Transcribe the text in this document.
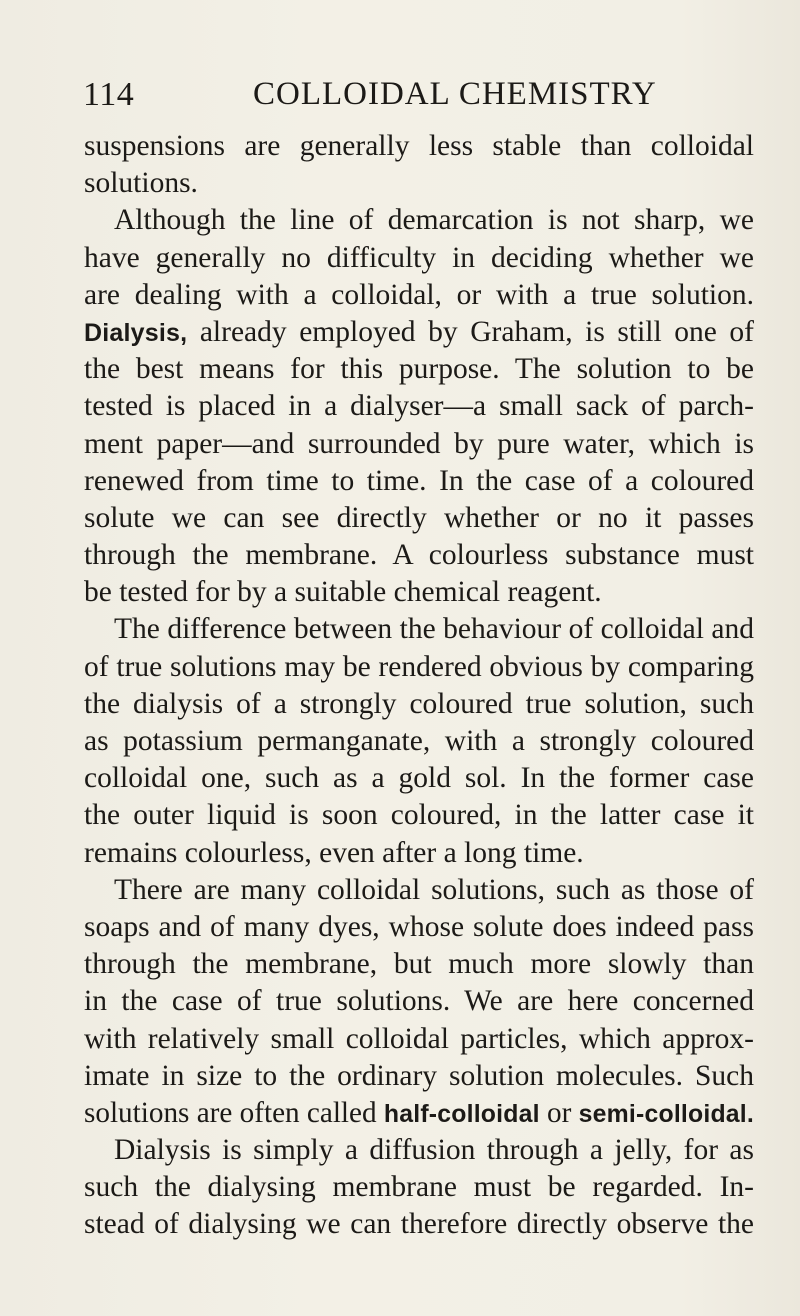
114	COLLOIDAL CHEMISTRY
suspensions are generally less stable than colloidal
solutions.
Although the line of demarcation is not sharp, we
have generally no difficulty in deciding whether we
are dealing with a colloidal, or with a true solution.
Dialysis, already employed by Graham, is still one of
the best means for this purpose. The solution to be
tested is placed in a dialyser—a small sack of parch-
ment paper—and surrounded by pure water, which is
renewed from time to time. In the case of a coloured
solute we can see directly whether or no it passes
through the membrane. A colourless substance must
be tested for by a suitable chemical reagent.
The difference between the behaviour of colloidal and
of true solutions may be rendered obvious by comparing
the dialysis of a strongly coloured true solution, such
as potassium permanganate, with a strongly coloured
colloidal one, such as a gold sol. In the former case
the outer liquid is soon coloured, in the latter case it
remains colourless, even after a long time.
There are many colloidal solutions, such as those of
soaps and of many dyes, whose solute does indeed pass
through the membrane, but much more slowly than
in the case of true solutions. We are here concerned
with relatively small colloidal particles, which approx-
imate in size to the ordinary solution molecules. Such
solutions are often called half-colloidal or semi-colloidal.
Dialysis is simply a diffusion through a jelly, for as
such the dialysing membrane must be regarded. In-
stead of dialysing we can therefore directly observe the
